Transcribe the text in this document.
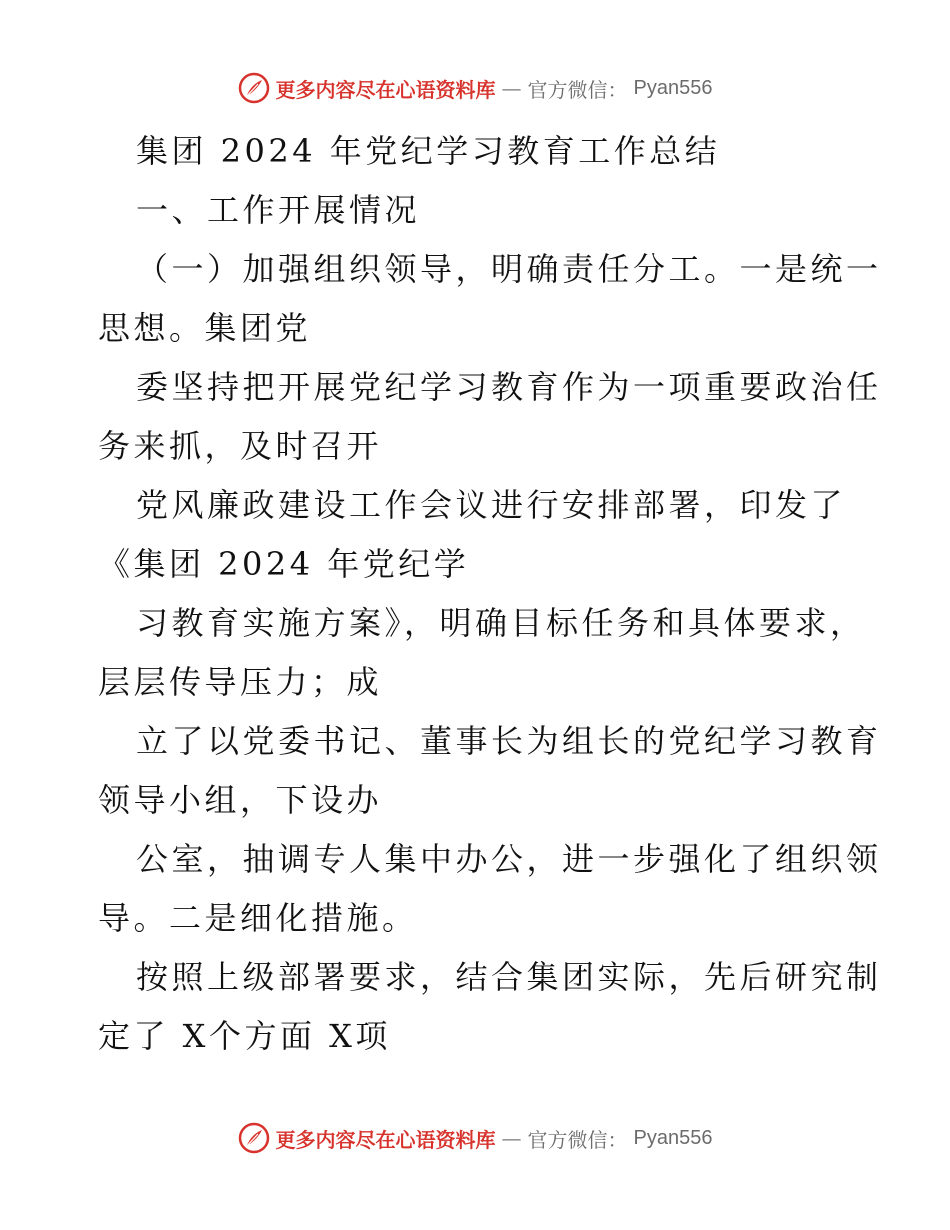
更多内容尽在心语资料库 — 官方微信： Pyan556
集团 2024 年党纪学习教育工作总结
一、工作开展情况
（一）加强组织领导，明确责任分工。一是统一
思想。集团党
委坚持把开展党纪学习教育作为一项重要政治任
务来抓，及时召开
党风廉政建设工作会议进行安排部署，印发了
《集团 2024 年党纪学
习教育实施方案》，明确目标任务和具体要求，
层层传导压力；成
立了以党委书记、董事长为组长的党纪学习教育
领导小组，下设办
公室，抽调专人集中办公，进一步强化了组织领
导。二是细化措施。
按照上级部署要求，结合集团实际，先后研究制
定了 X个方面 X项
更多内容尽在心语资料库 — 官方微信： Pyan556
